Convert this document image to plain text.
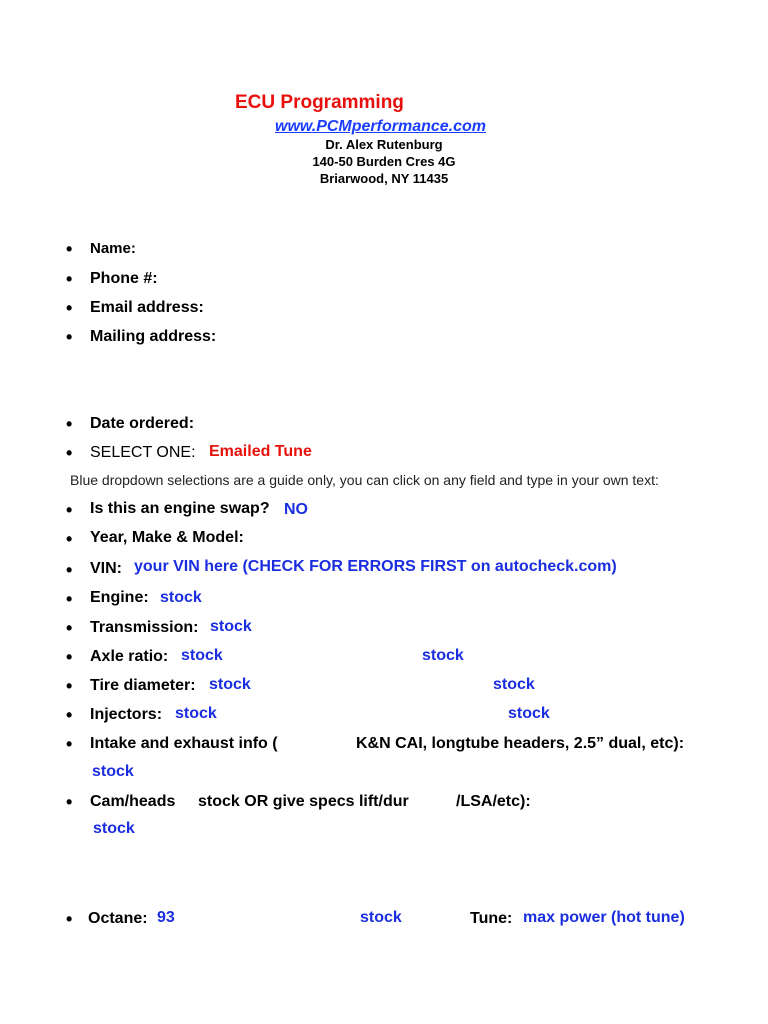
ECU Programming
www.PCMperformance.com
Dr. Alex Rutenburg
140-50 Burden Cres 4G
Briarwood, NY 11435
• Name:
• Phone #:
• Email address:
• Mailing address:
• Date ordered:
• SELECT ONE: Emailed Tune
Blue dropdown selections are a guide only, you can click on any field and type in your own text:
• Is this an engine swap? NO
• Year, Make & Model:
• VIN: your VIN here (CHECK FOR ERRORS FIRST on autocheck.com)
• Engine: stock
• Transmission: stock
• Axle ratio: stock	stock
• Tire diameter: stock	stock
• Injectors: stock	stock
• Intake and exhaust info (	K&N CAI, longtube headers, 2.5” dual, etc):
stock
• Cam/heads stock OR give specs lift/dur	/LSA/etc):
stock
• Octane: 93	stock	Tune: max power (hot tune)
